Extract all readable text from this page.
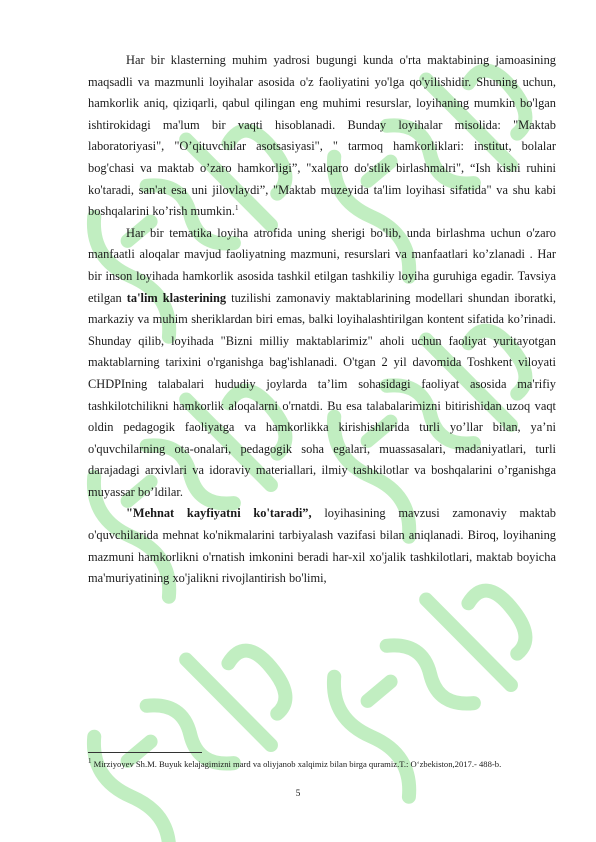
Har bir klasterning muhim yadrosi bugungi kunda o'rta maktabining jamoasining maqsadli va mazmunli loyihalar asosida o'z faoliyatini yo'lga qo'yilishidir. Shuning uchun, hamkorlik aniq, qiziqarli, qabul qilingan eng muhimi resurslar, loyihaning mumkin bo'lgan ishtirokidagi ma'lum bir vaqti hisoblanadi. Bunday loyihalar misolida: "Maktab laboratoriyasi", "O’qituvchilar asotsasiyasi", " tarmoq hamkorliklari: institut, bolalar bog'chasi va maktab o’zaro hamkorligi”, "xalqaro do'stlik birlashmalri", “Ish kishi ruhini ko'taradi, san'at esa uni jilovlaydi”, "Maktab muzeyida ta'lim loyihasi sifatida" va shu kabi boshqalarini ko’rish mumkin.$^1$

Har bir tematika loyiha atrofida uning sherigi bo'lib, unda birlashma uchun o'zaro manfaatli aloqalar mavjud faoliyatning mazmuni, resurslari va manfaatlari ko’zlanadi . Har bir inson loyihada hamkorlik asosida tashkil etilgan tashkiliy loyiha guruhiga egadir. Tavsiya etilgan ta'lim klasterining tuzilishi zamonaviy maktablarining modellari shundan iboratki, markaziy va muhim sheriklardan biri emas, balki loyihalashtirilgan kontent sifatida ko’rinadi. Shunday qilib, loyihada "Bizni milliy maktablarimiz" aholi uchun faoliyat yuritayotgan maktablarning tarixini o'rganishga bag'ishlanadi. O'tgan 2 yil davomida Toshkent viloyati CHDPIning talabalari hududiy joylarda ta’lim sohasidagi faoliyat asosida ma'rifiy tashkilotchilikni hamkorlik aloqalarni o'rnatdi. Bu esa talabalarimizni bitirishidan uzoq vaqt oldin pedagogik faoliyatga va hamkorlikka kirishishlarida turli yo’llar bilan, ya’ni o'quvchilarning ota-onalari, pedagogik soha egalari, muassasalari, madaniyatlari, turli darajadagi arxivlari va idoraviy materiallari, ilmiy tashkilotlar va boshqalarini o’rganishga muyassar bo’ldilar.

"Mehnat kayfiyatni ko'taradi”, loyihasining mavzusi zamonaviy maktab o'quvchilarida mehnat ko'nikmalarini tarbiyalash vazifasi bilan aniqlanadi. Biroq, loyihaning mazmuni hamkorlikni o'rnatish imkonini beradi har-xil xo'jalik tashkilotlari, maktab boyicha ma'muriyatining xo'jalikni rivojlantirish bo'limi,

$^1$ Mirziyoyev Sh.M. Buyuk kelajagimizni mard va oliyjanob xalqimiz bilan birga quramiz.T.: O‘zbekiston,2017.- 488-b.
5
